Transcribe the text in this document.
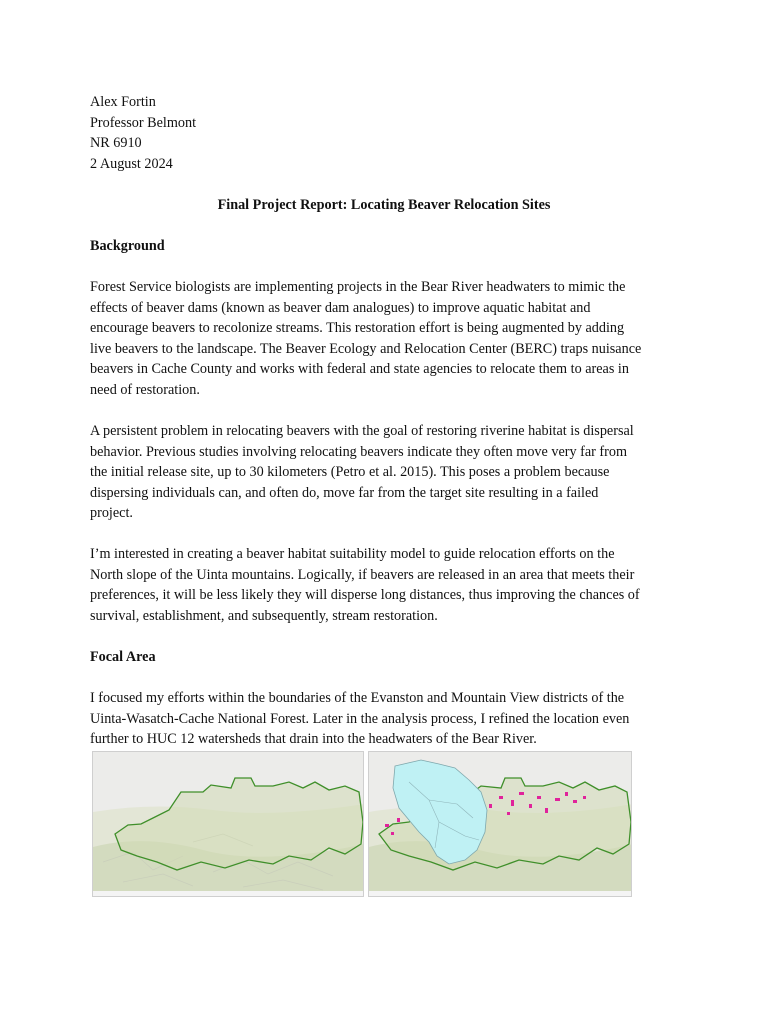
Alex Fortin
Professor Belmont
NR 6910
2 August 2024
Final Project Report: Locating Beaver Relocation Sites
Background
Forest Service biologists are implementing projects in the Bear River headwaters to mimic the
effects of beaver dams (known as beaver dam analogues) to improve aquatic habitat and
encourage beavers to recolonize streams. This restoration effort is being augmented by adding
live beavers to the landscape. The Beaver Ecology and Relocation Center (BERC) traps nuisance
beavers in Cache County and works with federal and state agencies to relocate them to areas in
need of restoration.
A persistent problem in relocating beavers with the goal of restoring riverine habitat is dispersal
behavior. Previous studies involving relocating beavers indicate they often move very far from
the initial release site, up to 30 kilometers (Petro et al. 2015). This poses a problem because
dispersing individuals can, and often do, move far from the target site resulting in a failed
project.
I’m interested in creating a beaver habitat suitability model to guide relocation efforts on the
North slope of the Uinta mountains. Logically, if beavers are released in an area that meets their
preferences, it will be less likely they will disperse long distances, thus improving the chances of
survival, establishment, and subsequently, stream restoration.
Focal Area
I focused my efforts within the boundaries of the Evanston and Mountain View districts of the
Uinta-Wasatch-Cache National Forest. Later in the analysis process, I refined the location even
further to HUC 12 watersheds that drain into the headwaters of the Bear River.
